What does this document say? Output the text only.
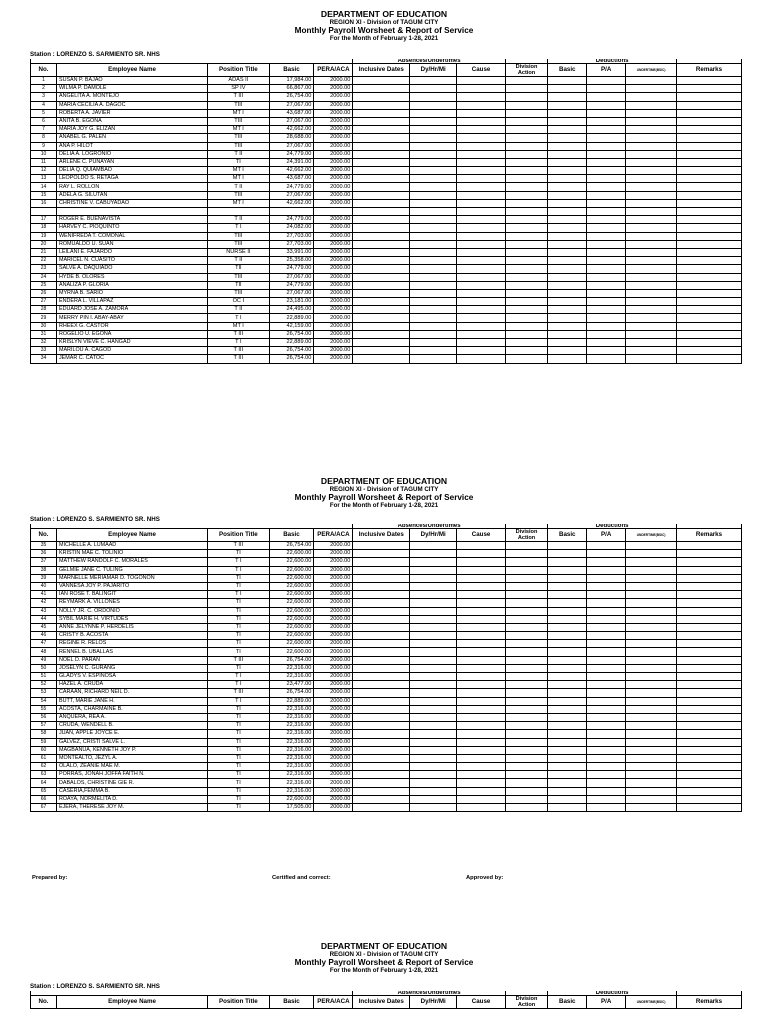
DEPARTMENT OF EDUCATION
REGION XI - Division of TAGUM CITY
Monthly Payroll Worsheet & Report of Service
For the Month of February 1-28, 2021
Station : LORENZO S. SARMIENTO SR. NHS
					Absences/Undertimes				Deductions			
No.	Employee Name	Position Title	Basic	PERA/ACA	Inclusive Dates	Dy/Hr/Mi	Cause	Division Action	Basic	P/A	UNDERTIME(BSIC)	Remarks
1	SUSAN P. BAJAO	ADAS II	17,984.00	2000.00								
2	WILMA P. DAMOLE	SP IV	66,867.00	2000.00								
3	ANGELITA A. MONTEJO	T III	26,754.00	2000.00								
4	MARIA CECILIA A. DAGOC	TIII	27,067.00	2000.00								
5	ROBERTA A. JAVIER	MT I	43,687.00	2000.00								
6	ANITA B. EGONA	TIII	27,067.00	2000.00								
7	MARIA JOY G. ELIZAN	MT I	42,662.00	2000.00								
8	ANABEL G. PALEN	TIII	28,688.00	2000.00								
9	ANA P. HILOT	TIII	27,067.00	2000.00								
10	DELIA A. LOGRONIO	T II	24,779.00	2000.00								
11	ARLENE C. PUNAYAN	TI	24,391.00	2000.00								
12	DELIA Q. QUIAMBAO	MT I	42,662.00	2000.00								
13	LEOPOLDO S. RETAGA	MT I	43,687.00	2000.00								
14	RAY L. ROLLON	T II	24,779.00	2000.00								
15	ADELA G. SILUTAN	TIII	27,067.00	2000.00								
16	CHRISTINE V. CABUYADAO	MT I	42,662.00	2000.00								

17	ROGER E. BUENAVISTA	T II	24,779.00	2000.00								
18	HARVEY C. PIOQUINTO	T I	24,082.00	2000.00								
19	WENIFREDA T. COMONAL	TIII	27,703.00	2000.00								
20	ROMUALDO U. SUAN	TIII	27,703.00	2000.00								
21	LEILANI E. FAJARDO	NURSE II	33,991.00	2000.00								
22	MARICEL N. CUASITO	T II	25,358.00	2000.00								
23	SALVE A. DAQUIADO	TII	24,779.00	2000.00								
24	HYDE B. OLORES	TIII	27,067.00	2000.00								
25	ANALIZA P. GLORIA	TII	24,779.00	2000.00								
26	MYRNA B. SARIO	TIII	27,067.00	2000.00								
27	ENDERA L. VILLAPAZ	OC I	23,181.00	2000.00								
28	EDUARD JOSE A. ZAMORA	T II	24,495.00	2000.00								
29	MERRY PIN I. ABAY-ABAY	T I	22,889.00	2000.00								
30	RHEEX G. CASTOR	MT I	42,159.00	2000.00								
31	ROGELIO U. EGONA	T III	26,754.00	2000.00								
32	KRISLYN VIEVE C. HANGAD	T I	22,889.00	2000.00								
33	MARILOU A. CAGOD	T III	26,754.00	2000.00								
34	JEMAR C. CATOC	T III	26,754.00	2000.00								
DEPARTMENT OF EDUCATION
REGION XI - Division of TAGUM CITY
Monthly Payroll Worsheet & Report of Service
For the Month of February 1-28, 2021
Station : LORENZO S. SARMIENTO SR. NHS
					Absences/Undertimes				Deductions			
No.	Employee Name	Position Title	Basic	PERA/ACA	Inclusive Dates	Dy/Hr/Mi	Cause	Division Action	Basic	P/A	UNDERTIME(BSIC)	Remarks
35	MICHELLE A. LUMAAD	T III	26,754.00	2000.00								
36	KRISTIN MAE C. TOLINIO	TI	22,600.00	2000.00								
37	MATTHEW RANDOLF C. MORALES	T I	22,600.00	2000.00								
38	GELMIE JANE C. TULING	T I	22,600.00	2000.00								
39	MARNELLE MERIAMAR D. TOGONON	TI	22,600.00	2000.00								
40	VANNESA JOY P. PAJARITO	TI	22,600.00	2000.00								
41	IAN ROSE T. BALINGIT	T I	22,600.00	2000.00								
42	REYMARK A. VILLONES	TI	22,600.00	2000.00								
43	NOLLY JR. C. ORDONIO	TI	22,600.00	2000.00								
44	SYBIL MARIE H. VIRTUDES	TI	22,600.00	2000.00								
45	ANNE JELYNNE P. HERDELIS	TI	22,600.00	2000.00								
46	CRISTY B. ACOSTA	TI	22,600.00	2000.00								
47	REGINE R. RELOS	TI	22,600.00	2000.00								
48	RENNEL B. UBALLAS	TI	22,600.00	2000.00								
49	NOEL D. PARAN	T III	26,754.00	2000.00								
50	JOSELYN C. GURANG	TI	22,316.00	2000.00								
51	GLADYS V. ESPINOSA	T I	22,316.00	2000.00								
52	HAZEL A. CRUDA	T I	23,477.00	2000.00								
53	CARAAN, RICHARD NEIL D.	T III	26,754.00	2000.00								
54	BUTT, MARIE JANE H.	T I	22,889.00	2000.00								
55	ACOSTA, CHARMAINE B.	TI	22,316.00	2000.00								
56	ANQUERA, REA A.	TI	22,316.00	2000.00								
57	CRUDA, WENDELL B.	TI	22,316.00	2000.00								
58	JUAN, APPLE JOYCE E.	TI	22,316.00	2000.00								
59	GALVEZ, CRISTI SALVE L.	TI	22,316.00	2000.00								
60	MAGBANUA, KENNETH JOY P.	TI	22,316.00	2000.00								
61	MONTEALTO, JEZYL A.	TI	22,316.00	2000.00								
62	OLALO, ZEANIE MAE M.	TI	22,316.00	2000.00								
63	PORRAS, JONAH JOFFA FAITH N.	TI	22,316.00	2000.00								
64	DABALOS, CHRISTINE GIE R.	TI	22,316.00	2000.00								
65	CASERIA,FEMMA B.	TI	22,316.00	2000.00								
66	ROAYA, NORMELITA D.	TI	22,600.00	2000.00								
67	EJERA, THERESE JOY M.	TI	17,505.00	2000.00								
Prepared by:	Certified and correct:	Approved by:
DEPARTMENT OF EDUCATION
REGION XI - Division of TAGUM CITY
Monthly Payroll Worsheet & Report of Service
For the Month of February 1-28, 2021
Station : LORENZO S. SARMIENTO SR. NHS
					Absences/Undertimes				Deductions			
No.	Employee Name	Position Title	Basic	PERA/ACA	Inclusive Dates	Dy/Hr/Mi	Cause	Division Action	Basic	P/A	UNDERTIME(BSIC)	Remarks
